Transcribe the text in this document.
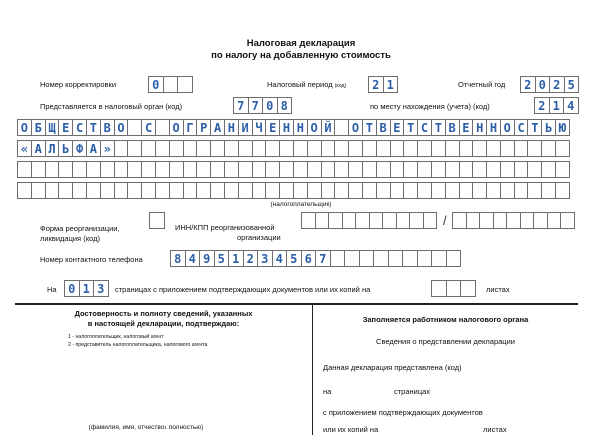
Налоговая декларация
по налогу на добавленную стоимость
Номер корректировки	0	Налоговый период (код)	2 1	Отчетный год	2 0 2 5
Представляется в налоговый орган (код)	7 7 0 8	по месту нахождения (учета) (код)	2 1 4
О Б Щ Е С Т В О	С	О Г Р А Н И Ч Е Н Н О Й	О Т В Е Т С Т В Е Н Н О С Т Ь Ю
« А Л Ь Ф А »
(налогоплательщик)
Форма реорганизации,
ликвидация (код)
ИНН/КПП реорганизованной
организации
/
Номер контактного телефона	8 4 9 5 1 2 3 4 5 6 7
На 0 1 3	страницах с приложением подтверждающих документов или их копий на	листах
Достоверность и полноту сведений, указанных
в настоящей декларации, подтверждаю:
1 - налогоплательщик, налоговый агент
2 - представитель налогоплательщика, налогового агента
(фамилия, имя, отчество$^1$ полностью)
Заполняется работником налогового органа
Сведения о представлении декларации
Данная декларация представлена (код)
на	страницах
с приложением подтверждающих документов
или их копий на	листах
